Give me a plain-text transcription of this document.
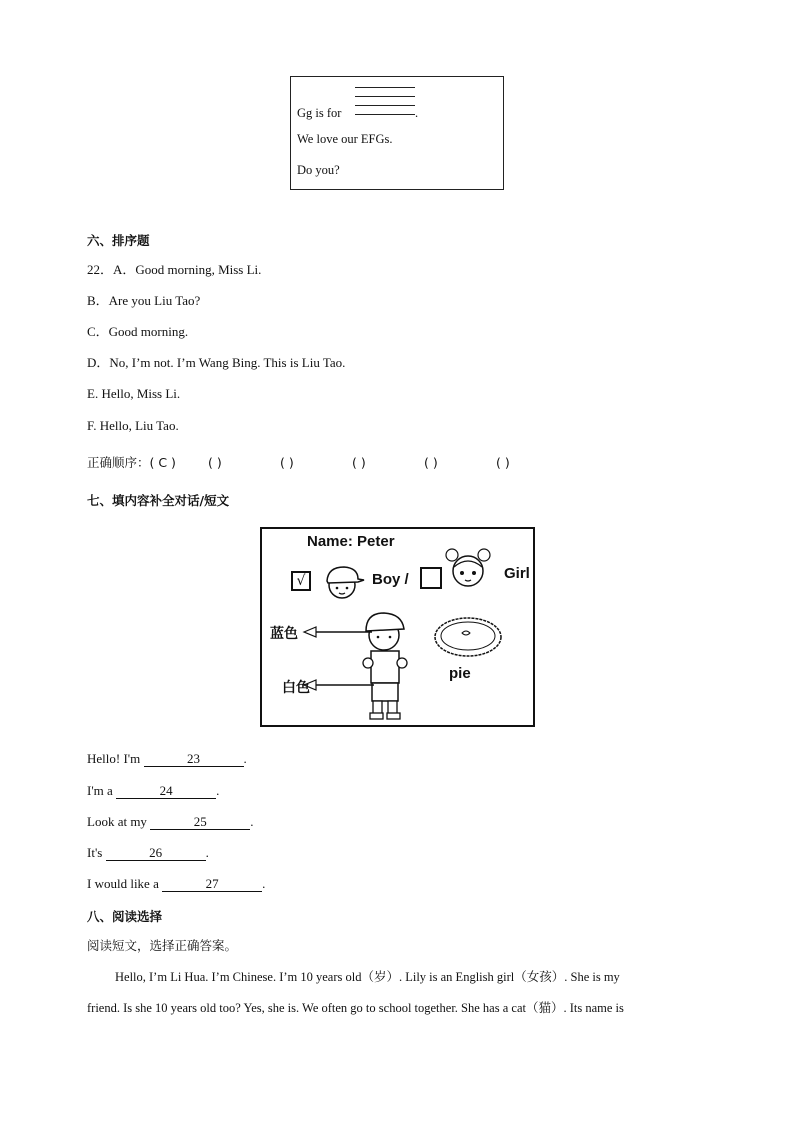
Gg is for	.
We love our EFGs.
Do you?
六、排序题
22．A．Good morning, Miss Li.
B．Are you Liu Tao?
C．Good morning.
D．No, I’m not. I’m Wang Bing. This is Liu Tao.
E. Hello, Miss Li.
F. Hello, Liu Tao.
正确顺序：( C )	( )	( )	( )	( )	( )
七、填内容补全对话/短文
Name: Peter
√	Boy /	Girl
蓝色
白色
pie
Hello! I'm	23	.
I'm a	24	.
Look at my	25	.
It's	26	.
I would like a	27	.
八、阅读选择
阅读短文，选择正确答案。
Hello, I’m Li Hua. I’m Chinese. I’m 10 years old（岁）. Lily is an English girl（女孩）. She is my
friend. Is she 10 years old too? Yes, she is. We often go to school together. She has a cat（猫）. Its name is
